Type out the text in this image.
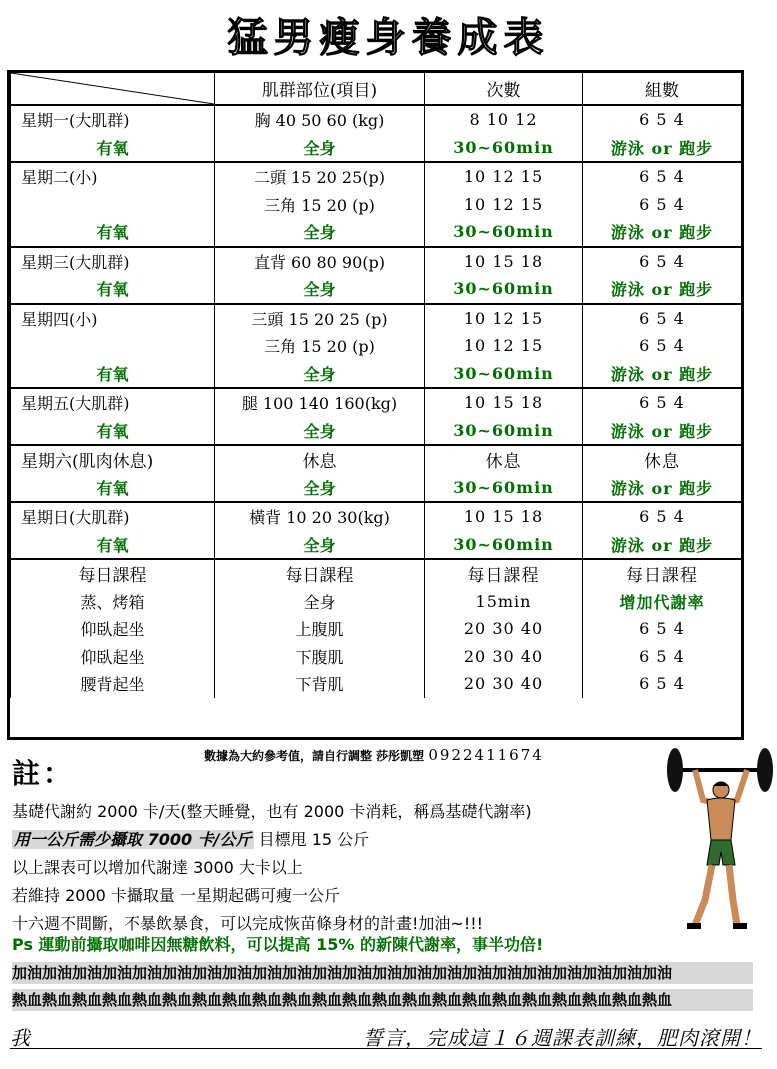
猛男瘦身養成表
	肌群部位(項目)	次數	組數
星期一(大肌群)	胸 40 50 60 (kg)	8 10 12	6 5 4
有氧	全身	30~60min	游泳 or 跑步
星期二(小)	二頭 15 20 25(p)	10 12 15	6 5 4
	三角 15 20 (p)	10 12 15	6 5 4
有氧	全身	30~60min	游泳 or 跑步
星期三(大肌群)	直背 60 80 90(p)	10 15 18	6 5 4
有氧	全身	30~60min	游泳 or 跑步
星期四(小)	三頭 15 20 25 (p)	10 12 15	6 5 4
	三角 15 20 (p)	10 12 15	6 5 4
有氧	全身	30~60min	游泳 or 跑步
星期五(大肌群)	腿 100 140 160(kg)	10 15 18	6 5 4
有氧	全身	30~60min	游泳 or 跑步
星期六(肌肉休息)	休息	休息	休息
有氧	全身	30~60min	游泳 or 跑步
星期日(大肌群)	橫背 10 20 30(kg)	10 15 18	6 5 4
有氧	全身	30~60min	游泳 or 跑步
每日課程	每日課程	每日課程	每日課程
蒸、烤箱	全身	15min	增加代謝率
仰臥起坐	上腹肌	20 30 40	6 5 4
仰臥起坐	下腹肌	20 30 40	6 5 4
腰背起坐	下背肌	20 30 40	6 5 4
數據為大約參考值，請自行調整 莎彤凱塑 0922411674
註：
基礎代謝約 2000 卡/天(整天睡覺，也有 2000 卡消耗，稱爲基礎代謝率)
用一公斤需少攝取 7000 卡/公斤 目標甩 15 公斤
以上課表可以增加代謝達 3000 大卡以上
若維持 2000 卡攝取量 一星期起碼可瘦一公斤
十六週不間斷，不暴飲暴食，可以完成恢苗條身材的計畫!加油~!!!
Ps 運動前攝取咖啡因無糖飲料，可以提高 15% 的新陳代謝率，事半功倍!
加油加油加油加油加油加油加油加油加油加油加油加油加油加油加油加油加油加油加油加油加油加油
熱血熱血熱血熱血熱血熱血熱血熱血熱血熱血熱血熱血熱血熱血熱血熱血熱血熱血熱血熱血熱血熱血
我	誓言，完成這１６週課表訓練，肥肉滾開！
